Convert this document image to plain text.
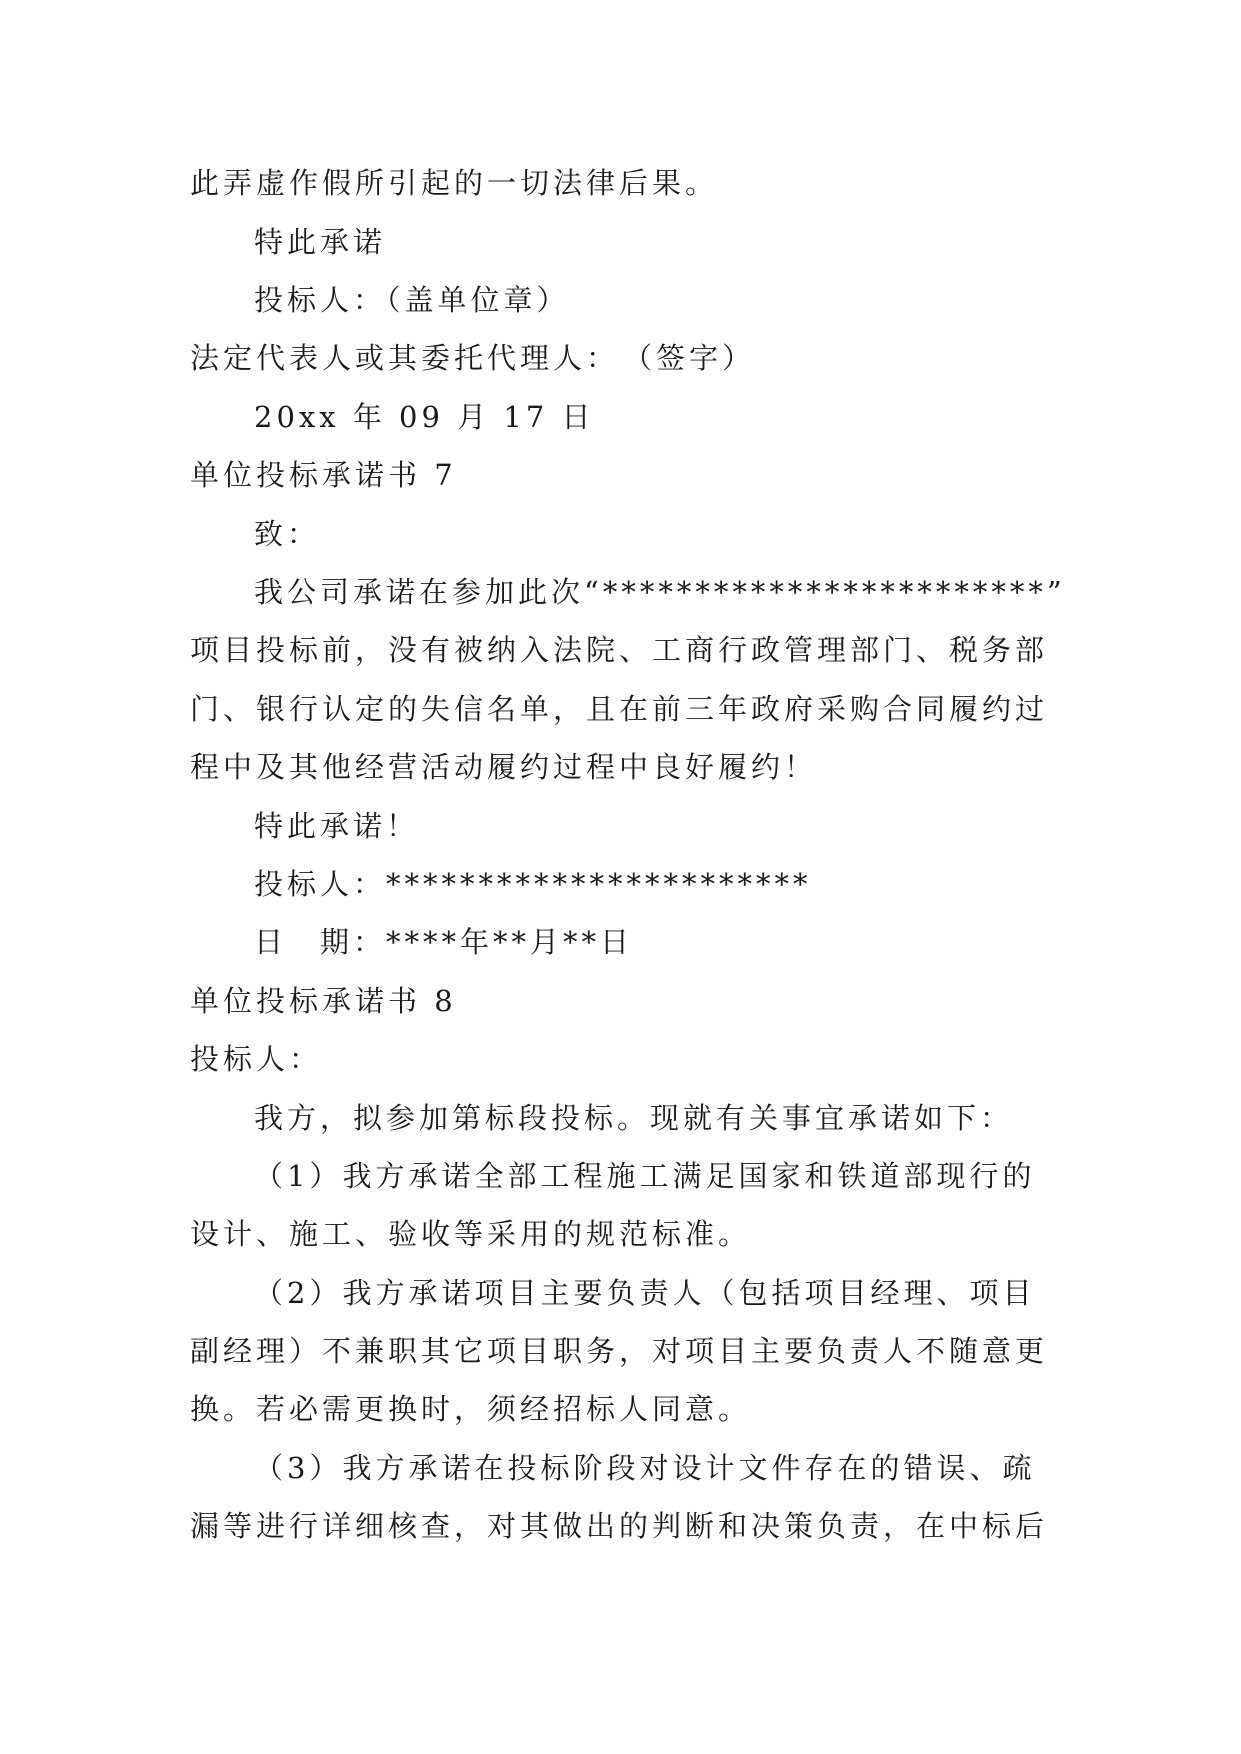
此弄虚作假所引起的一切法律后果。
特此承诺
投标人：（盖单位章）
法定代表人或其委托代理人：　（签字）
20xx 年 09 月 17 日
单位投标承诺书 7
致：
我公司承诺在参加此次“************************”
项目投标前，没有被纳入法院、工商行政管理部门、税务部
门、银行认定的失信名单，且在前三年政府采购合同履约过
程中及其他经营活动履约过程中良好履约！
特此承诺！
投标人：***********************
日　期：****年**月**日
单位投标承诺书 8
投标人：
我方，拟参加第标段投标。现就有关事宜承诺如下：
（1）我方承诺全部工程施工满足国家和铁道部现行的
设计、施工、验收等采用的规范标准。
（2）我方承诺项目主要负责人（包括项目经理、项目
副经理）不兼职其它项目职务，对项目主要负责人不随意更
换。若必需更换时，须经招标人同意。
（3）我方承诺在投标阶段对设计文件存在的错误、疏
漏等进行详细核查，对其做出的判断和决策负责，在中标后
